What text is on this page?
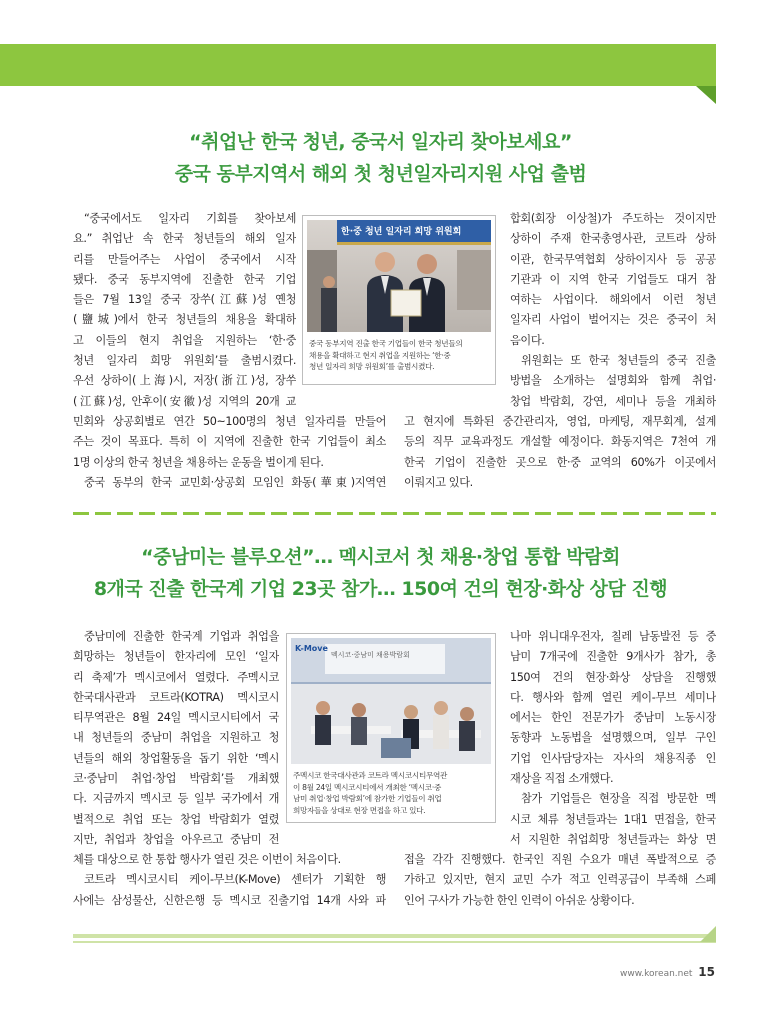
“취업난 한국 청년, 중국서 일자리 찾아보세요”
중국 동부지역서 해외 첫 청년일자리지원 사업 출범
“중국에서도 일자리 기회를 찾아보세
요.” 취업난 속 한국 청년들의 해외 일자
리를 만들어주는 사업이 중국에서 시작
됐다. 중국 동부지역에 진출한 한국 기업
들은 7월 13일 중국 장쑤(江蘇)성 옌청
(鹽城)에서 한국 청년들의 채용을 확대하
고 이들의 현지 취업을 지원하는 ‘한·중
청년 일자리 희망 위원회’를 출범시켰다.
우선 상하이(上海)시, 저장(浙江)성, 장쑤
(江蘇)성, 안후이(安徽)성 지역의 20개 교
민회와 상공회별로 연간 50~100명의 청년 일자리를 만들어
주는 것이 목표다. 특히 이 지역에 진출한 한국 기업들이 최소
1명 이상의 한국 청년을 채용하는 운동을 벌이게 된다.
중국 동부의 한국 교민회·상공회 모임인 화동(華東)지역연
한·중 청년 일자리 희망 위원회
중국 동부지역 진출 한국 기업들이 한국 청년들의
채용을 확대하고 현지 취업을 지원하는 ‘한·중
청년 일자리 희망 위원회’를 출범시켰다.
합회(회장 이상철)가 주도하는 것이지만
상하이 주재 한국총영사관, 코트라 상하
이관, 한국무역협회 상하이지사 등 공공
기관과 이 지역 한국 기업들도 대거 참
여하는 사업이다. 해외에서 이런 청년
일자리 사업이 벌어지는 것은 중국이 처
음이다.
위원회는 또 한국 청년들의 중국 진출
방법을 소개하는 설명회와 함께 취업·
창업 박람회, 강연, 세미나 등을 개최하
고 현지에 특화된 중간관리자, 영업, 마케팅, 재무회계, 설계
등의 직무 교육과정도 개설할 예정이다. 화동지역은 7천여 개
한국 기업이 진출한 곳으로 한·중 교역의 60%가 이곳에서
이뤄지고 있다.
“중남미는 블루오션”… 멕시코서 첫 채용·창업 통합 박람회
8개국 진출 한국계 기업 23곳 참가… 150여 건의 현장·화상 상담 진행
중남미에 진출한 한국계 기업과 취업을
희망하는 청년들이 한자리에 모인 ‘일자
리 축제’가 멕시코에서 열렸다. 주멕시코
한국대사관과 코트라(KOTRA) 멕시코시
티무역관은 8월 24일 멕시코시티에서 국
내 청년들의 중남미 취업을 지원하고 청
년들의 해외 창업활동을 돕기 위한 ‘멕시
코·중남미 취업·창업 박람회’를 개최했
다. 지금까지 멕시코 등 일부 국가에서 개
별적으로 취업 또는 창업 박람회가 열렸
지만, 취업과 창업을 아우르고 중남미 전
체를 대상으로 한 통합 행사가 열린 것은 이번이 처음이다.
코트라 멕시코시티 케이-무브(K-Move) 센터가 기획한 행
사에는 삼성물산, 신한은행 등 멕시코 진출기업 14개 사와 파
K-Move
멕시코·중남미 채용박람회
주멕시코 한국대사관과 코트라 멕시코시티무역관
이 8월 24일 멕시코시티에서 개최한 ‘멕시코·중
남미 취업·창업 박람회’에 참가한 기업들이 취업
희망자들을 상대로 현장 면접을 하고 있다.
나마 위니대우전자, 칠레 남동발전 등 중
남미 7개국에 진출한 9개사가 참가, 총
150여 건의 현장·화상 상담을 진행했
다. 행사와 함께 열린 케이-무브 세미나
에서는 한인 전문가가 중남미 노동시장
동향과 노동법을 설명했으며, 일부 구인
기업 인사담당자는 자사의 채용직종 인
재상을 직접 소개했다.
참가 기업들은 현장을 직접 방문한 멕
시코 체류 청년들과는 1대1 면접을, 한국
서 지원한 취업희망 청년들과는 화상 면
접을 각각 진행했다. 한국인 직원 수요가 매년 폭발적으로 증
가하고 있지만, 현지 교민 수가 적고 인력공급이 부족해 스페
인어 구사가 가능한 한인 인력이 아쉬운 상황이다.
www.korean.net 15
